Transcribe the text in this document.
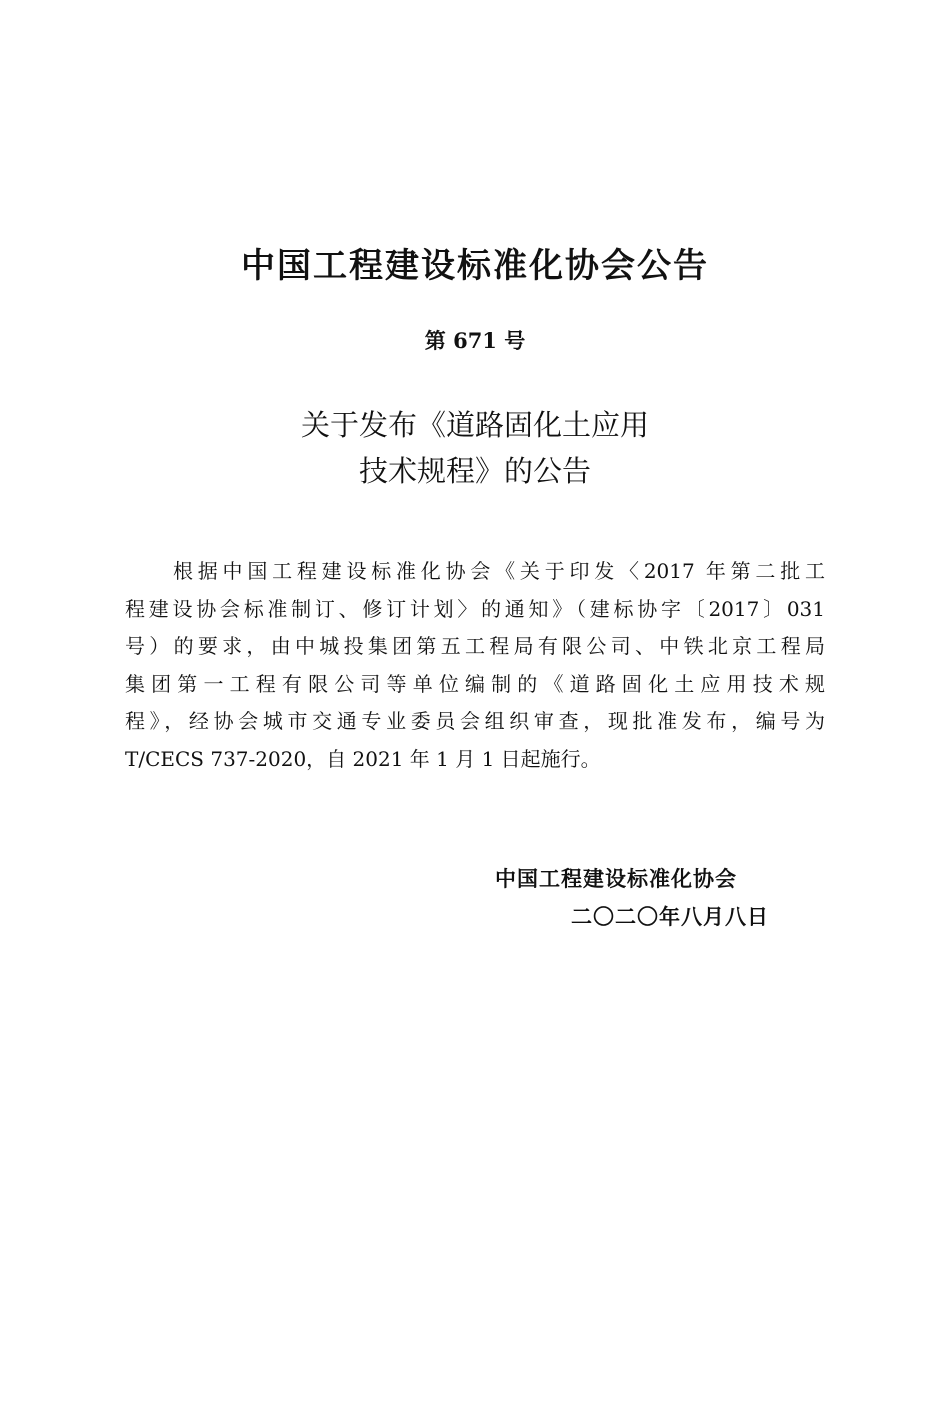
中国工程建设标准化协会公告
第 671 号
关于发布《道路固化土应用
技术规程》的公告
根据中国工程建设标准化协会《关于印发〈2017 年第二批工
程建设协会标准制订、修订计划〉的通知》（建标协字〔2017〕031
号）的要求，由中城投集团第五工程局有限公司、中铁北京工程局
集团第一工程有限公司等单位编制的《道路固化土应用技术规
程》，经协会城市交通专业委员会组织审查，现批准发布，编号为
T/CECS 737-2020，自 2021 年 1 月 1 日起施行。
中国工程建设标准化协会
二〇二〇年八月八日
